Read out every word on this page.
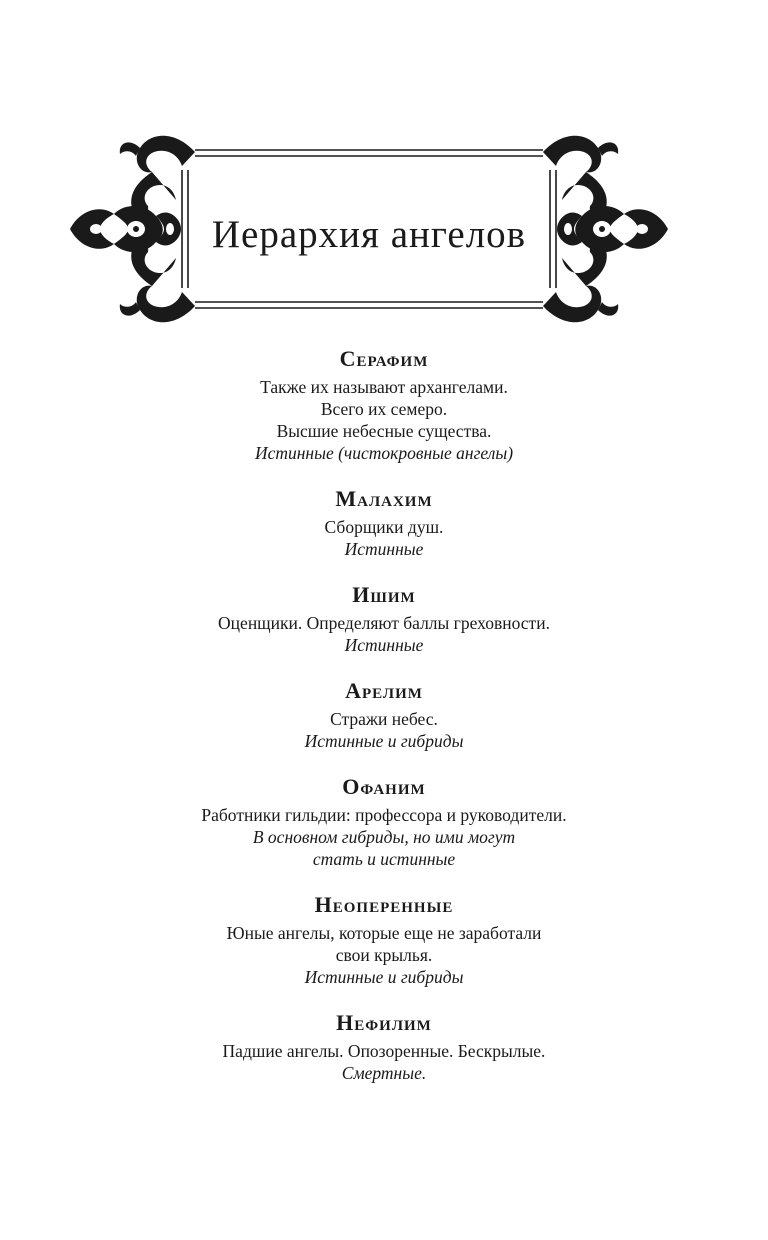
Иерархия ангелов
Серафим
Также их называют архангелами.
Всего их семеро.
Высшие небесные существа.
Истинные (чистокровные ангелы)
Малахим
Сборщики душ.
Истинные
Ишим
Оценщики. Определяют баллы греховности.
Истинные
Арелим
Стражи небес.
Истинные и гибриды
Офаним
Работники гильдии: профессора и руководители.
В основном гибриды, но ими могут
стать и истинные
Неоперенные
Юные ангелы, которые еще не заработали
свои крылья.
Истинные и гибриды
Нефилим
Падшие ангелы. Опозоренные. Бескрылые.
Смертные.
